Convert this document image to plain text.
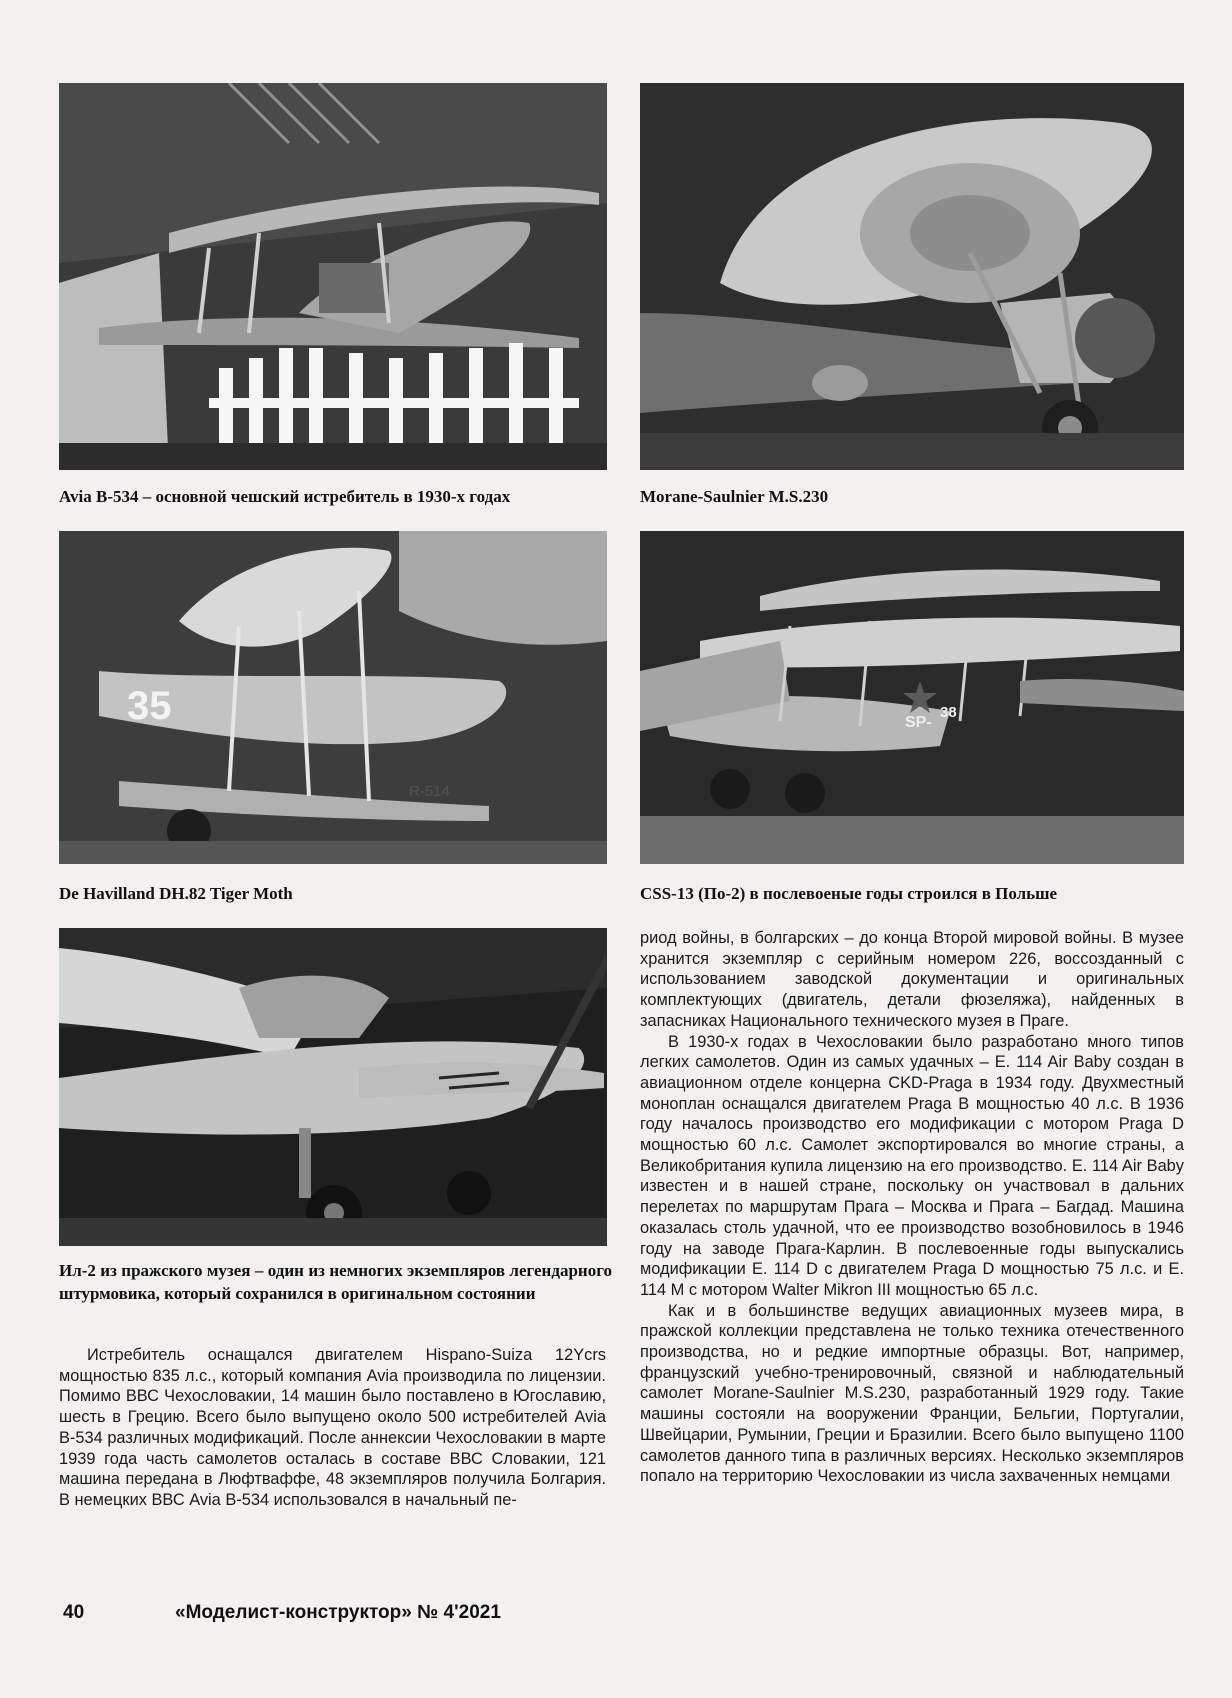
Avia B-534 – основной чешский истребитель в 1930-х годах	Morane-Saulnier M.S.230
35
R-514
De Havilland DH.82 Tiger Moth
SP-
38
CSS-13 (По-2) в послевоеные годы строился в Польше
Ил-2 из пражского музея – один из немногих экземпляров легендарного штурмовика, который сохранился в оригинальном состоянии

Истребитель оснащался двигателем Hispano-Suiza 12Ycrs мощностью 835 л.с., который компания Avia производила по лицензии. Помимо ВВС Чехословакии, 14 машин было поставлено в Югославию, шесть в Грецию. Всего было выпущено около 500 истребителей Avia B-534 различных модификаций. После аннексии Чехословакии в марте 1939 года часть самолетов осталась в составе ВВС Словакии, 121 машина передана в Люфтваффе, 48 экземпляров получила Болгария. В немецких ВВС Avia B-534 использовался в начальный пе-

риод войны, в болгарских – до конца Второй мировой войны. В музее хранится экземпляр с серийным номером 226, воссозданный с использованием заводской документации и оригинальных комплектующих (двигатель, детали фюзеляжа), найденных в запасниках Национального технического музея в Праге.

В 1930-х годах в Чехословакии было разработано много типов легких самолетов. Один из самых удачных – E. 114 Air Baby создан в авиационном отделе концерна CKD-Praga в 1934 году. Двухместный моноплан оснащался двигателем Praga B мощностью 40 л.с. В 1936 году началось производство его модификации с мотором Praga D мощностью 60 л.с. Самолет экспортировался во многие страны, а Великобритания купила лицензию на его производство. E. 114 Air Baby известен и в нашей стране, поскольку он участвовал в дальних перелетах по маршрутам Прага – Москва и Прага – Багдад. Машина оказалась столь удачной, что ее производство возобновилось в 1946 году на заводе Прага-Карлин. В послевоенные годы выпускались модификации E. 114 D с двигателем Praga D мощностью 75 л.с. и E. 114 M с мотором Walter Mikron III мощностью 65 л.с.

Как и в большинстве ведущих авиационных музеев мира, в пражской коллекции представлена не только техника отечественного производства, но и редкие импортные образцы. Вот, например, французский учебно-тренировочный, связной и наблюдательный самолет Morane-Saulnier M.S.230, разработанный 1929 году. Такие машины состояли на вооружении Франции, Бельгии, Португалии, Швейцарии, Румынии, Греции и Бразилии. Всего было выпущено 1100 самолетов данного типа в различных версиях. Несколько экземпляров попало на территорию Чехословакии из числа захваченных немцами

40	«Моделист-конструктор» № 4'2021
